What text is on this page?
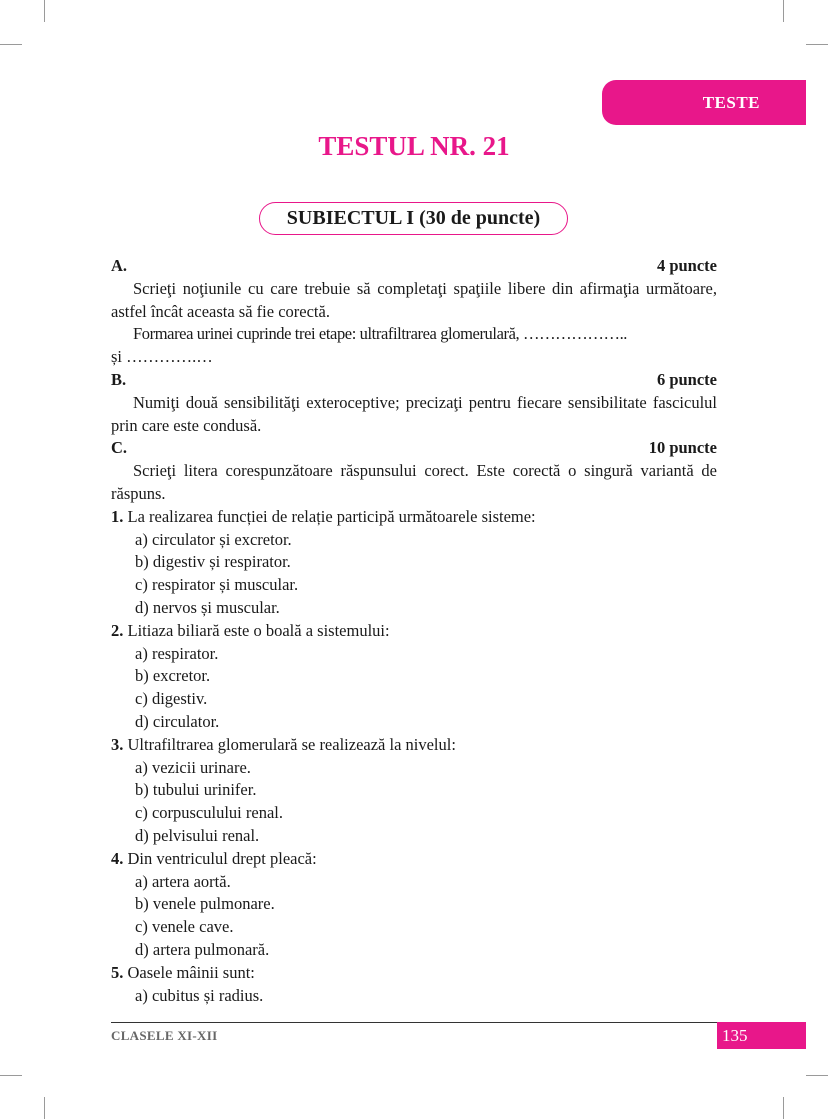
TESTE
TESTUL NR. 21
SUBIECTUL I (30 de puncte)
A.	4 puncte

Scrieţi noţiunile cu care trebuie să completaţi spaţiile libere din afirmaţia următoare, astfel încât aceasta să fie corectă.

Formarea urinei cuprinde trei etape: ultrafiltrarea glomerulară, ………………..

și ………….…

B.	6 puncte

Numiţi două sensibilităţi exteroceptive; precizaţi pentru fiecare sensibilitate fasciculul prin care este condusă.

C.	10 puncte

Scrieţi litera corespunzătoare răspunsului corect. Este corectă o singură variantă de răspuns.

1. La realizarea funcției de relație participă următoarele sisteme:

a) circulator și excretor.

b) digestiv și respirator.

c) respirator și muscular.

d) nervos și muscular.

2. Litiaza biliară este o boală a sistemului:

a) respirator.

b) excretor.

c) digestiv.

d) circulator.

3. Ultrafiltrarea glomerulară se realizează la nivelul:

a) vezicii urinare.

b) tubului urinifer.

c) corpusculului renal.

d) pelvisului renal.

4. Din ventriculul drept pleacă:

a) artera aortă.

b) venele pulmonare.

c) venele cave.

d) artera pulmonară.

5. Oasele mâinii sunt:

a) cubitus și radius.

CLASELE XI-XII	135
